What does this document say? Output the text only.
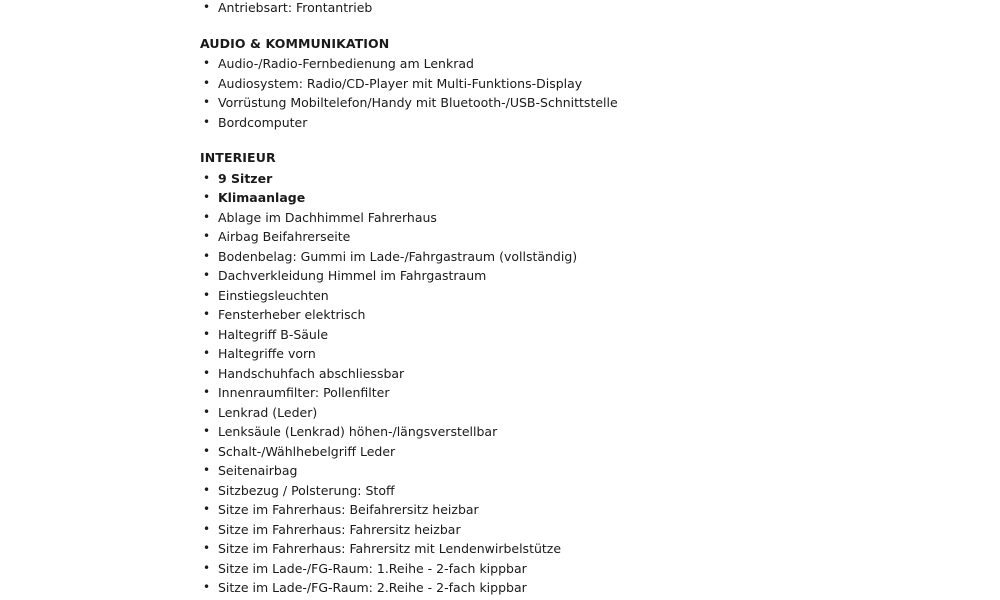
• Antriebsart: Frontantrieb
AUDIO & KOMMUNIKATION
• Audio-/Radio-Fernbedienung am Lenkrad
• Audiosystem: Radio/CD-Player mit Multi-Funktions-Display
• Vorrüstung Mobiltelefon/Handy mit Bluetooth-/USB-Schnittstelle
• Bordcomputer
INTERIEUR
• 9 Sitzer
• Klimaanlage
• Ablage im Dachhimmel Fahrerhaus
• Airbag Beifahrerseite
• Bodenbelag: Gummi im Lade-/Fahrgastraum (vollständig)
• Dachverkleidung Himmel im Fahrgastraum
• Einstiegsleuchten
• Fensterheber elektrisch
• Haltegriff B-Säule
• Haltegriffe vorn
• Handschuhfach abschliessbar
• Innenraumfilter: Pollenfilter
• Lenkrad (Leder)
• Lenksäule (Lenkrad) höhen-/längsverstellbar
• Schalt-/Wählhebelgriff Leder
• Seitenairbag
• Sitzbezug / Polsterung: Stoff
• Sitze im Fahrerhaus: Beifahrersitz heizbar
• Sitze im Fahrerhaus: Fahrersitz heizbar
• Sitze im Fahrerhaus: Fahrersitz mit Lendenwirbelstütze
• Sitze im Lade-/FG-Raum: 1.Reihe - 2-fach kippbar
• Sitze im Lade-/FG-Raum: 2.Reihe - 2-fach kippbar
